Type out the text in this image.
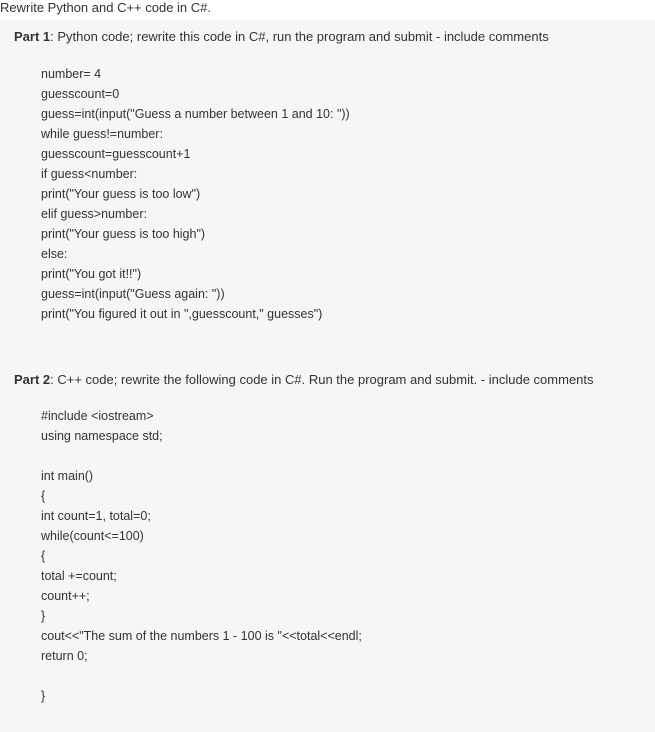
Rewrite Python and C++ code in C#.
Part 1: Python code; rewrite this code in C#, run the program and submit - include comments
number= 4
guesscount=0
guess=int(input("Guess a number between 1 and 10: "))
while guess!=number:
guesscount=guesscount+1
if guess<number:
print("Your guess is too low")
elif guess>number:
print("Your guess is too high")
else:
print("You got it!!")
guess=int(input("Guess again: "))
print("You figured it out in ",guesscount," guesses")
Part 2: C++ code; rewrite the following code in C#. Run the program and submit. - include comments
#include <iostream>
using namespace std;
int main()
{
int count=1, total=0;
while(count<=100)
{
total +=count;
count++;
}
cout<<"The sum of the numbers 1 - 100 is "<<total<<endl;
return 0;
}
